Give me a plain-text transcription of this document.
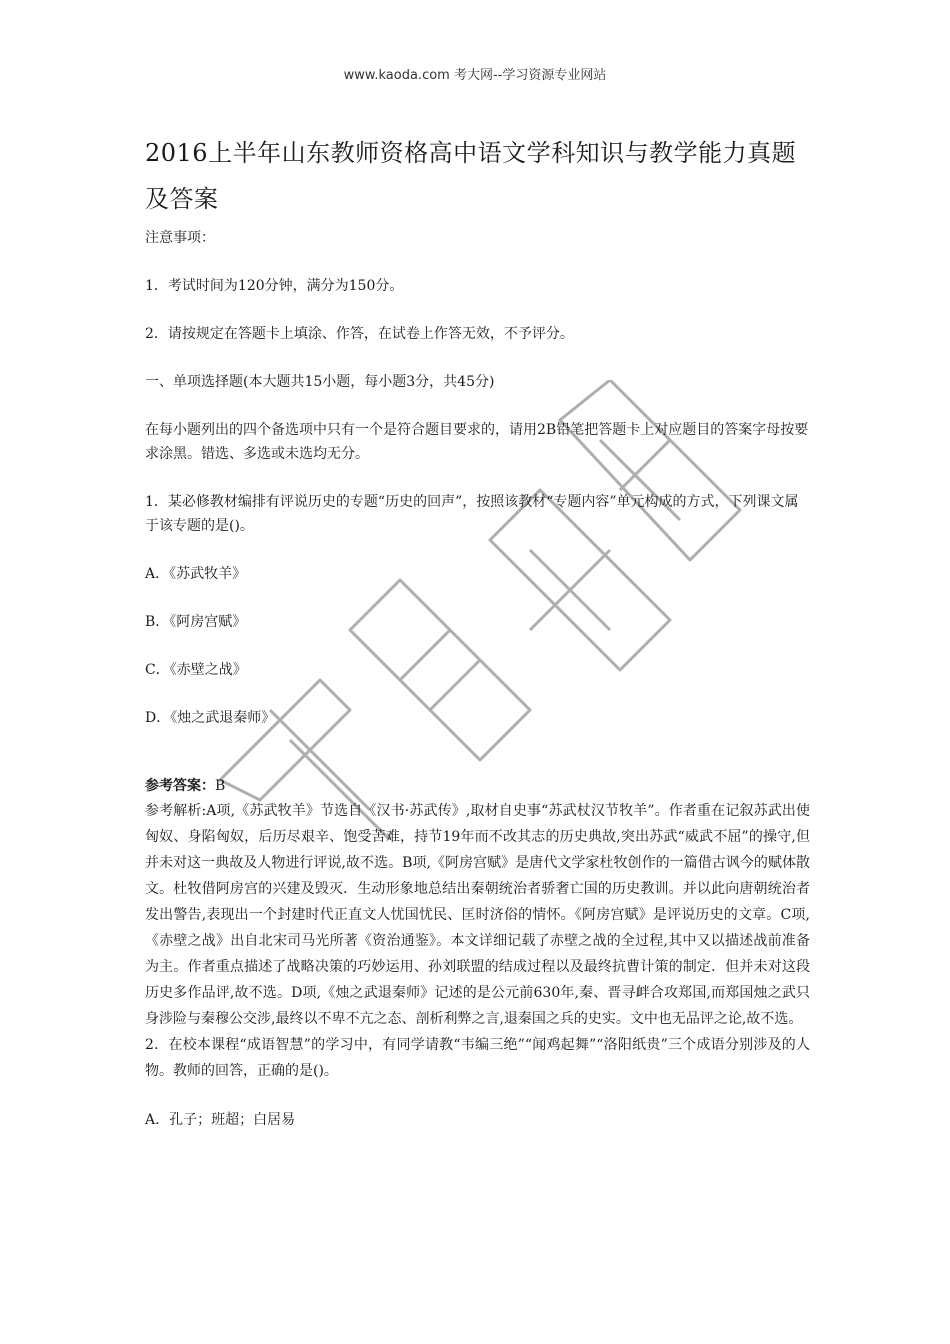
www.kaoda.com 考大网--学习资源专业网站
2016上半年山东教师资格高中语文学科知识与教学能力真题及答案

注意事项：

1．考试时间为120分钟，满分为150分。

2．请按规定在答题卡上填涂、作答，在试卷上作答无效，不予评分。

一、单项选择题(本大题共15小题，每小题3分，共45分)

在每小题列出的四个备选项中只有一个是符合题目要求的，请用2B铅笔把答题卡上对应题目的答案字母按要求涂黑。错选、多选或未选均无分。

1．某必修教材编排有评说历史的专题“历史的回声”，按照该教材“专题内容”单元构成的方式，下列课文属于该专题的是()。

A．《苏武牧羊》

B．《阿房宫赋》

C．《赤壁之战》

D．《烛之武退秦师》

参考答案：B

参考解析:A项,《苏武牧羊》节选自《汉书·苏武传》,取材自史事“苏武杖汉节牧羊”。作者重在记叙苏武出使匈奴、身陷匈奴，后历尽艰辛、饱受苦难，持节19年而不改其志的历史典故,突出苏武“威武不屈”的操守,但并未对这一典故及人物进行评说,故不选。B项,《阿房宫赋》是唐代文学家杜牧创作的一篇借古讽今的赋体散文。杜牧借阿房宫的兴建及毁灭．生动形象地总结出秦朝统治者骄奢亡国的历史教训。并以此向唐朝统治者发出警告,表现出一个封建时代正直文人忧国忧民、匡时济俗的情怀。《阿房宫赋》是评说历史的文章。C项,《赤壁之战》出自北宋司马光所著《资治通鉴》。本文详细记载了赤壁之战的全过程,其中又以描述战前准备为主。作者重点描述了战略决策的巧妙运用、孙刘联盟的结成过程以及最终抗曹计策的制定．但并未对这段历史多作品评,故不选。D项,《烛之武退秦师》记述的是公元前630年,秦、晋寻衅合攻郑国,而郑国烛之武只身涉险与秦穆公交涉,最终以不卑不亢之态、剖析利弊之言,退秦国之兵的史实。文中也无品评之论,故不选。

2．在校本课程“成语智慧”的学习中，有同学请教“韦编三绝”“闻鸡起舞”“洛阳纸贵”三个成语分别涉及的人物。教师的回答，正确的是()。

A．孔子；班超；白居易
